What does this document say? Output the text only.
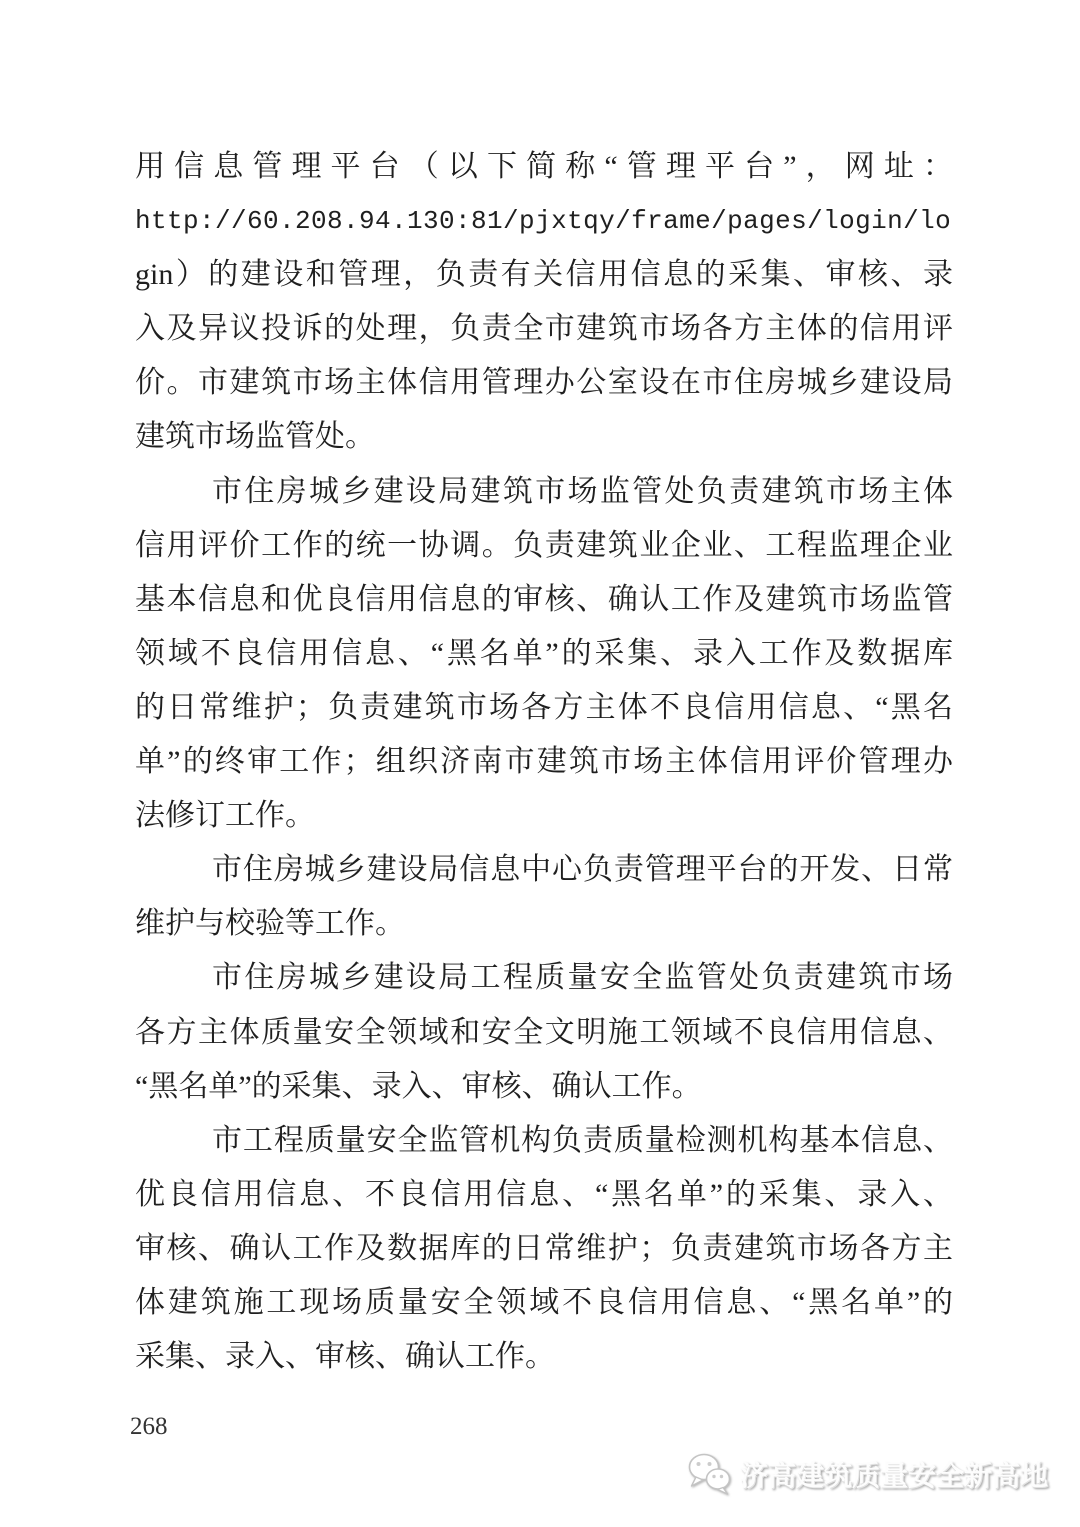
用信息管理平台（以下简称“管理平台”，网址：
http://60.208.94.130:81/pjxtqy/frame/pages/login/lo
gin）的建设和管理，负责有关信用信息的采集、审核、录
入及异议投诉的处理，负责全市建筑市场各方主体的信用评
价。市建筑市场主体信用管理办公室设在市住房城乡建设局
建筑市场监管处。
市住房城乡建设局建筑市场监管处负责建筑市场主体
信用评价工作的统一协调。负责建筑业企业、工程监理企业
基本信息和优良信用信息的审核、确认工作及建筑市场监管
领域不良信用信息、“黑名单”的采集、录入工作及数据库
的日常维护；负责建筑市场各方主体不良信用信息、“黑名
单”的终审工作；组织济南市建筑市场主体信用评价管理办
法修订工作。
市住房城乡建设局信息中心负责管理平台的开发、日常
维护与校验等工作。
市住房城乡建设局工程质量安全监管处负责建筑市场
各方主体质量安全领域和安全文明施工领域不良信用信息、
“黑名单”的采集、录入、审核、确认工作。
市工程质量安全监管机构负责质量检测机构基本信息、
优良信用信息、不良信用信息、“黑名单”的采集、录入、
审核、确认工作及数据库的日常维护；负责建筑市场各方主
体建筑施工现场质量安全领域不良信用信息、“黑名单”的
采集、录入、审核、确认工作。
268
济高建筑质量安全新高地
